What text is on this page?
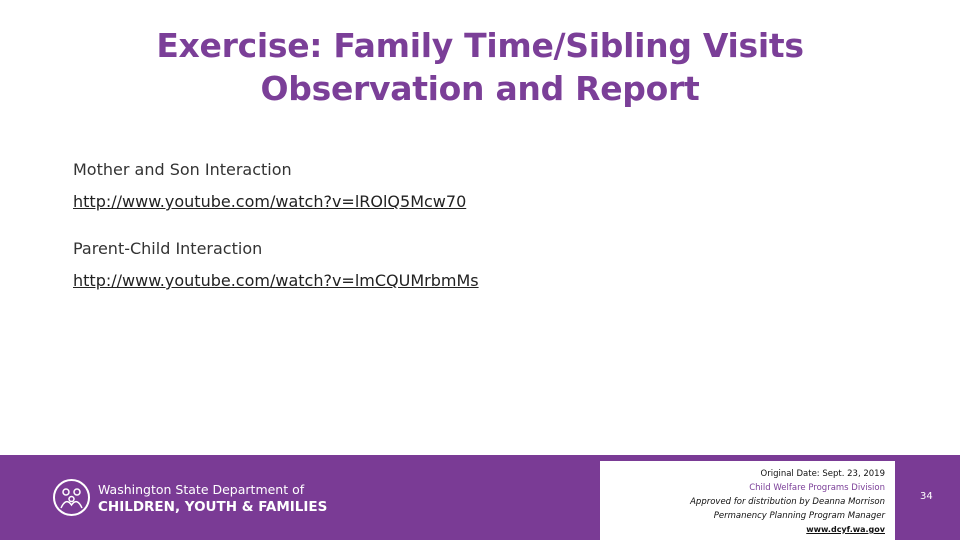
Exercise: Family Time/Sibling Visits
Observation and Report
Mother and Son Interaction
http://www.youtube.com/watch?v=lROlQ5Mcw70
Parent-Child Interaction
http://www.youtube.com/watch?v=lmCQUMrbmMs
Washington State Department of
CHILDREN, YOUTH & FAMILIES
Original Date: Sept. 23, 2019
Child Welfare Programs Division
Approved for distribution by Deanna Morrison
Permanency Planning Program Manager
www.dcyf.wa.gov
34
